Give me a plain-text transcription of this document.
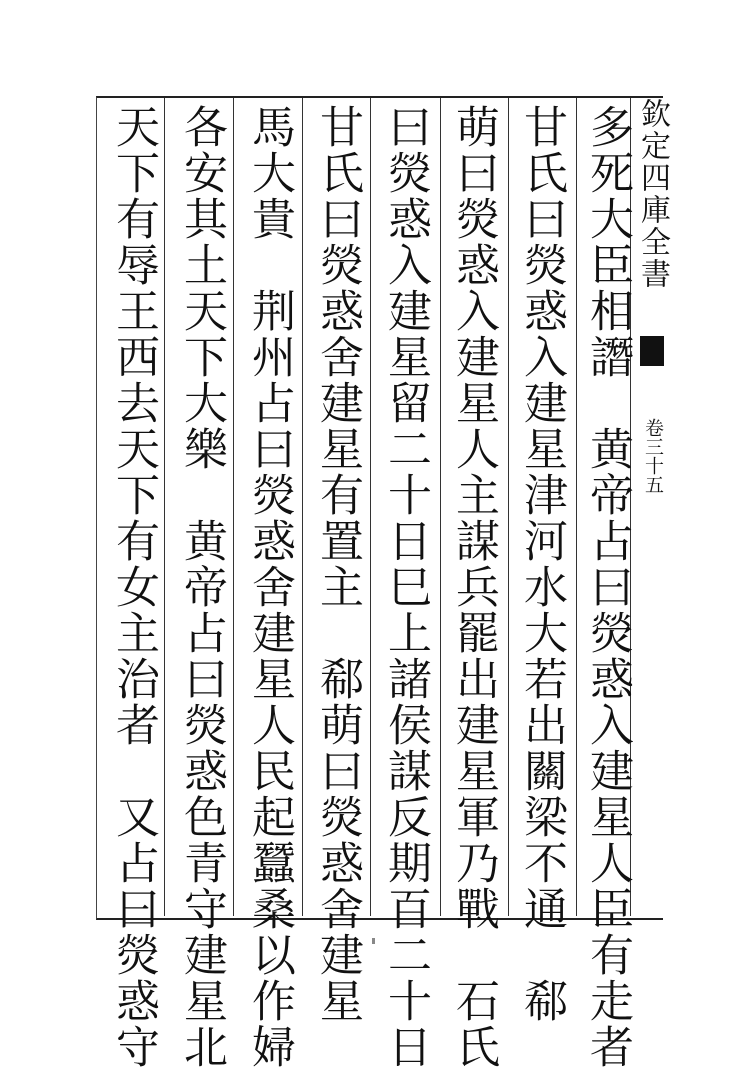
欽定四庫全書
卷三十五
多死大臣相譖　黄帝占曰熒惑入建星人臣有走者
甘氏曰熒惑入建星津河水大若出關梁不通　郗
萌曰熒惑入建星人主謀兵罷出建星軍乃戰　石氏
曰熒惑入建星留二十日巳上諸侯謀反期百二十日
甘氏曰熒惑舍建星有置主　郗萌曰熒惑舍建星
馬大貴　荆州占曰熒惑舍建星人民起蠶桑以作婦
各安其土天下大樂　黄帝占曰熒惑色青守建星北
天下有辱王西去天下有女主治者　又占曰熒惑守
